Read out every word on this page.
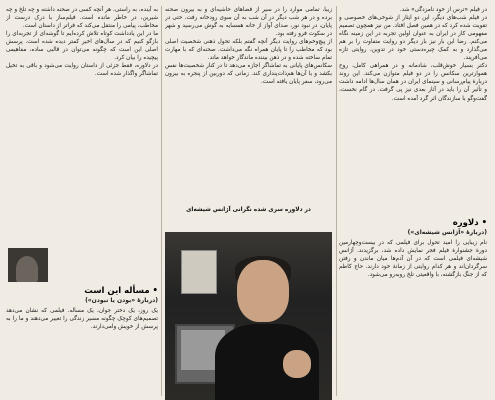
در فیلم «ترس از خود نامزدگی» شد.

در فیلم شب‌های دیگر، این دو ایثار از شوخی‌های خصوصی و تقویت شده کرد که در همین فصل افتاد. من نیز همچون تصمیم مفهومی کار در ایران به عنوان اولین تجربه در این زمینه نگاه می‌کنم. رضا این بار نیز بار دیگر دو روایت متفاوت را بر هم می‌گذارد و به کمک چیره‌دستی خود در تدوین، روایتی تازه می‌آفریند.

دکتر بسیار خوش‌قلب، شادمانه و در همراهی کامل، روح هموارترین سکانس را در دو فیلم متوازن می‌کند. این روند دربارهٔ پیام‌رسانی و سینمای ایران در همان سال‌ها ادامه داشت و تأثیر آن را باید در آثار بعدی نیز پی گرفت. در گام نخست، گفت‌وگو با سازندگان اثر گرد آمده است.

• دلاوره

(دربارهٔ «آژانس شیشه‌ای»)

نام زیبایی را امید تحول برای فیلمی که در بیست‌وچهارمین دورهٔ جشنوارهٔ فیلم فجر نمایش داده شد، برگزیدند. آژانس شیشه‌ای فیلمی است که در آن آدم‌ها میان ماندن و رفتن سرگردان‌اند و هر کدام روایتی از زمانهٔ خود دارند. حاج کاظم که از جنگ بازگشته، با واقعیتی تلخ روبه‌رو می‌شود.

زیبا، تمامی موارد را در سیر از فضاهای حاشیه‌ای و به بیرون صحنه برده و در هر شب دیگر در آن شب به آن سوی رودخانه رفت. حتی در پایان، در نبود نور، صدای آواز از خانه همسایه به گوش می‌رسید و شهر در سکوت فرو رفته بود.

از پیچ‌وخم‌های روایت دیگر آنچه گفتم بلکه تحول ذهنی شخصیت اصلی بود که مخاطب را تا پایان همراه نگه می‌داشت. صحنه‌ای که با مهارت تمام ساخته شده و در ذهن بیننده ماندگار خواهد ماند.

سکانس‌های پایانی به تماشاگر اجازه می‌دهد تا در کنار شخصیت‌ها نفس بکشد و با آن‌ها هم‌ذات‌پنداری کند. زمانی که دوربین از پنجره به بیرون می‌رود، سفر پایان یافته است.

در دلاوره سری شده نگرانی آژانس شیشه‌ای

به آینده، به راستی، هر آنچه کسی در صحنه داشته و چه تلخ و چه شیرین، در خاطر مانده است. فیلم‌ساز با درک درست از مخاطب، پیامی را منتقل می‌کند که فراتر از داستان است.

ما در این یادداشت کوتاه تلاش کرده‌ایم تا گوشه‌ای از تجربه‌ای را بازگو کنیم که در سال‌های اخیر کمتر دیده شده است. پرسش اصلی این است که چگونه می‌توان در قالبی ساده، مفاهیمی پیچیده را بیان کرد.

در دلاوره، فقط جزئی از داستان روایت می‌شود و باقی به تخیل تماشاگر واگذار شده است.

• مسأله این است

(دربارهٔ «بودن یا نبودن»)

یک روز، یک دختر جوان، یک مسأله. فیلمی که نشان می‌دهد تصمیم‌های کوچک چگونه مسیر زندگی را تغییر می‌دهند و ما را به پرسش از خویش وامی‌دارند.
